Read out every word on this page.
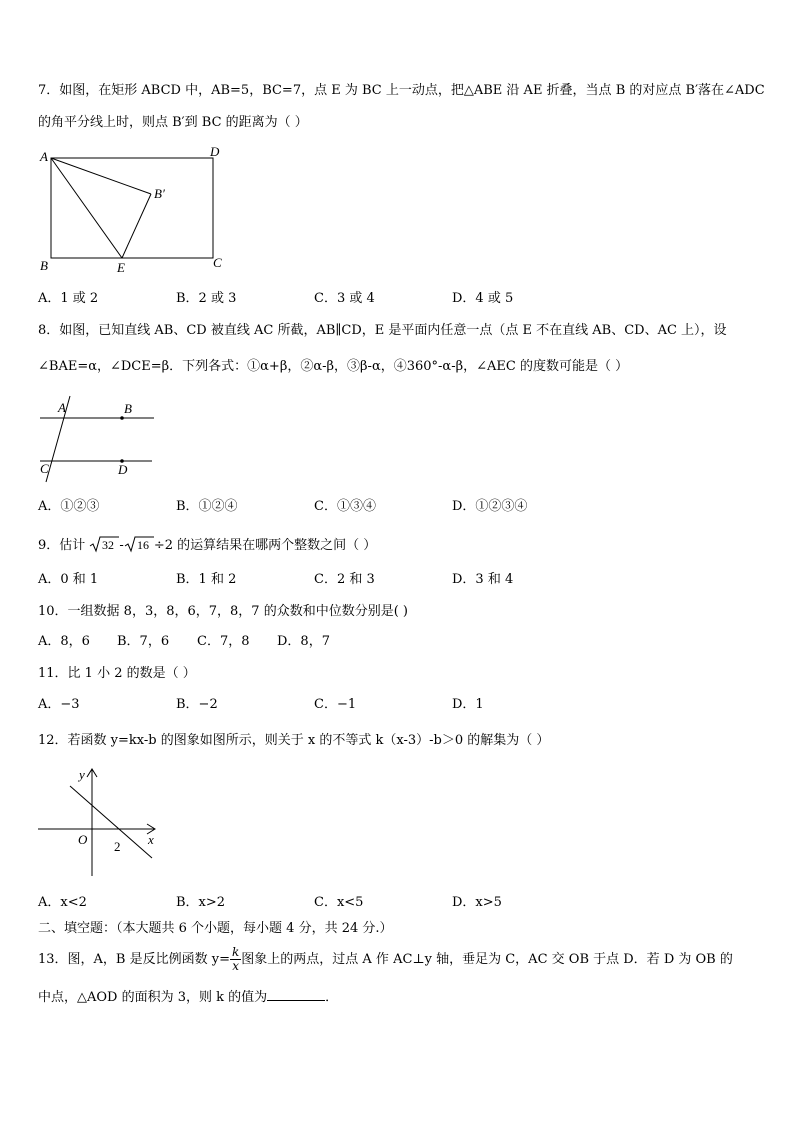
7．如图，在矩形 ABCD 中，AB=5，BC=7，点 E 为 BC 上一动点，把△ABE 沿 AE 折叠，当点 B 的对应点 B′落在∠ADC
的角平分线上时，则点 B′到 BC 的距离为（ ）
A	D
B	C
E
B′
A．1 或 2	B．2 或 3	C．3 或 4	D．4 或 5
8．如图，已知直线 AB、CD 被直线 AC 所截，AB∥CD，E 是平面内任意一点（点 E 不在直线 AB、CD、AC 上），设
∠BAE=α，∠DCE=β．下列各式：①α+β，②α-β，③β-α，④360°-α-β，∠AEC 的度数可能是（ ）
A	B
C	D
A．①②③	B．①②④	C．①③④	D．①②③④
9．估计 32 - 16 ÷2 的运算结果在哪两个整数之间（ ）
A．0 和 1	B．1 和 2	C．2 和 3	D．3 和 4
10．一组数据 8，3，8，6，7，8，7 的众数和中位数分别是( )
A．8，6 B．7，6 C．7，8 D．8，7
11．比 1 小 2 的数是（ ）
A．−3	B．−2	C．−1	D．1
12．若函数 y=kx-b 的图象如图所示，则关于 x 的不等式 k（x-3）-b＞0 的解集为（ ）
y
x
O 2
A．x<2	B．x>2	C．x<5	D．x>5
二、填空题：（本大题共 6 个小题，每小题 4 分，共 24 分.）
13．图，A，B 是反比例函数 $y= \frac{k}{x}$ 图象上的两点，过点 A 作 AC⊥y 轴，垂足为 C，AC 交 OB 于点 D．若 D 为 OB 的
中点，△AOD 的面积为 3，则 k 的值为	．
